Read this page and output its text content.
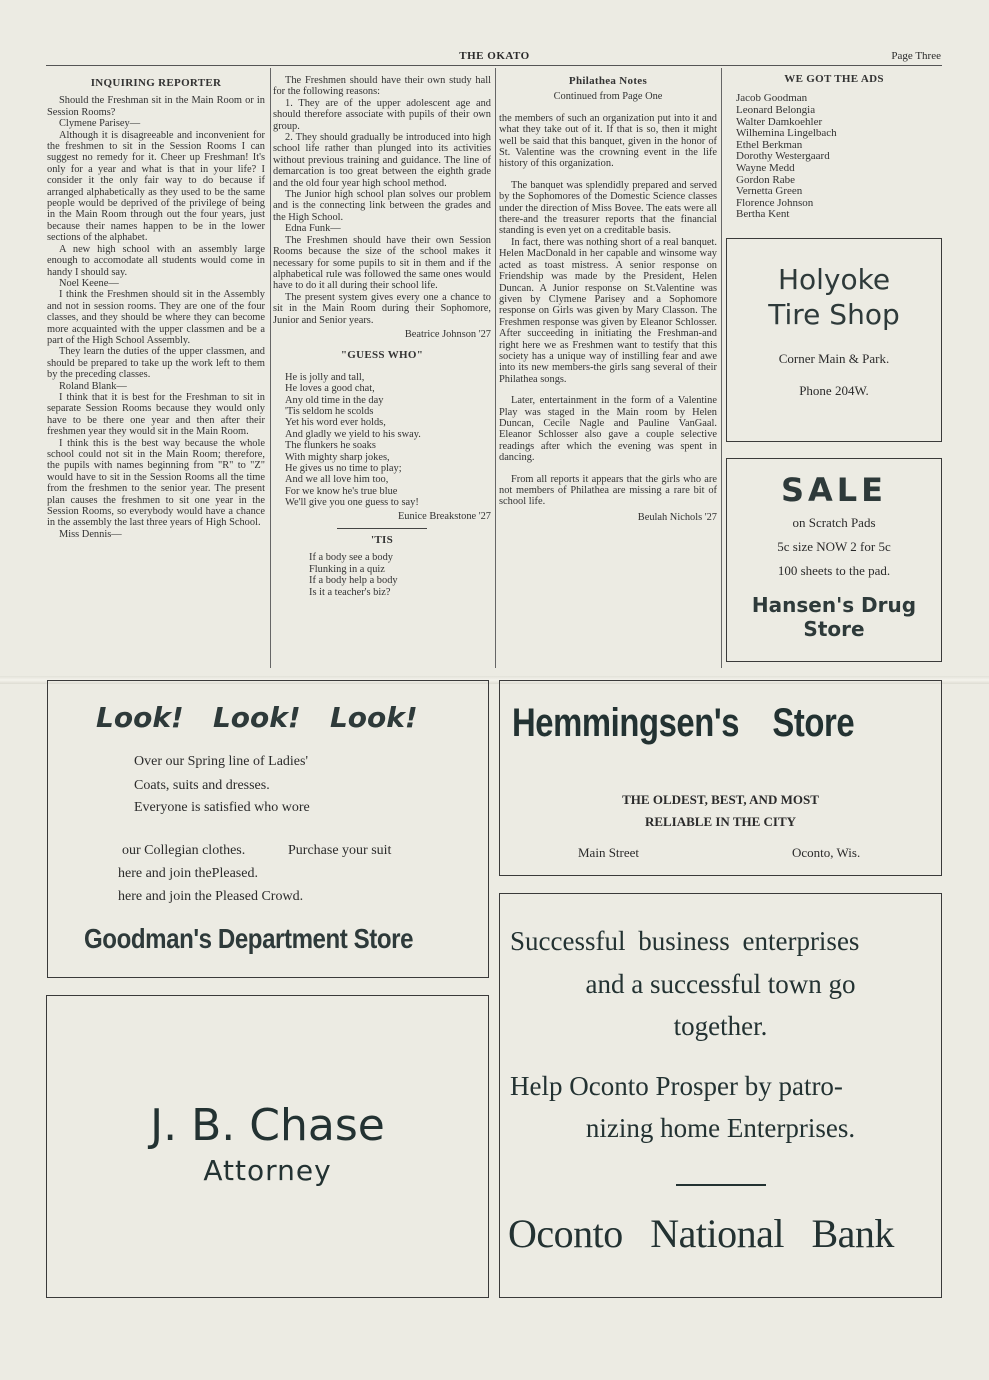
THE OKATO	Page Three
INQUIRING REPORTER

Should the Freshman sit in the Main Room or in Session Rooms?

Clymene Parisey—

Although it is disagreeable and inconvenient for the freshmen to sit in the Session Rooms I can suggest no remedy for it. Cheer up Freshman! It's only for a year and what is that in your life? I consider it the only fair way to do because if arranged alphabetically as they used to be the same people would be deprived of the privilege of being in the Main Room through out the four years, just because their names happen to be in the lower sections of the alphabet.

A new high school with an assembly large enough to accomodate all students would come in handy I should say.

Noel Keene—

I think the Freshmen should sit in the Assembly and not in session rooms. They are one of the four classes, and they should be where they can become more acquainted with the upper classmen and be a part of the High School Assembly.

They learn the duties of the upper classmen, and should be prepared to take up the work left to them by the preceding classes.

Roland Blank—

I think that it is best for the Freshman to sit in separate Session Rooms because they would only have to be there one year and then after their freshmen year they would sit in the Main Room.

I think this is the best way because the whole school could not sit in the Main Room; therefore, the pupils with names beginning from "R" to "Z" would have to sit in the Session Rooms all the time from the freshmen to the senior year. The present plan causes the freshmen to sit one year in the Session Rooms, so everybody would have a chance in the assembly the last three years of High School.

Miss Dennis—

The Freshmen should have their own study hall for the following reasons:

1. They are of the upper adolescent age and should therefore associate with pupils of their own group.

2. They should gradually be introduced into high school life rather than plunged into its activities without previous training and guidance. The line of demarcation is too great between the eighth grade and the old four year high school method.

The Junior high school plan solves our problem and is the connecting link between the grades and the High School.

Edna Funk—

The Freshmen should have their own Session Rooms because the size of the school makes it necessary for some pupils to sit in them and if the alphabetical rule was followed the same ones would have to do it all during their school life.

The present system gives every one a chance to sit in the Main Room during their Sophomore, Junior and Senior years.

Beatrice Johnson '27

"GUESS WHO"

He is jolly and tall,

He loves a good chat,

Any old time in the day

'Tis seldom he scolds

Yet his word ever holds,

And gladly we yield to his sway.

The flunkers he soaks

With mighty sharp jokes,

He gives us no time to play;

And we all love him too,

For we know he's true blue

We'll give you one guess to say!

Eunice Breakstone '27

'TIS

If a body see a body

Flunking in a quiz

If a body help a body

Is it a teacher's biz?

Philathea Notes

Continued from Page One

the members of such an organization put into it and what they take out of it. If that is so, then it might well be said that this banquet, given in the honor of St. Valentine was the crowning event in the life history of this organization.

The banquet was splendidly prepared and served by the Sophomores of the Domestic Science classes under the direction of Miss Bovee. The eats were all there-and the treasurer reports that the financial standing is even yet on a creditable basis.

In fact, there was nothing short of a real banquet. Helen MacDonald in her capable and winsome way acted as toast mistress. A senior response on Friendship was made by the President, Helen Duncan. A Junior response on St.Valentine was given by Clymene Parisey and a Sophomore response on Girls was given by Mary Classon. The Freshmen response was given by Eleanor Schlosser. After succeeding in initiating the Freshman-and right here we as Freshmen want to testify that this society has a unique way of instilling fear and awe into its new members-the girls sang several of their Philathea songs.

Later, entertainment in the form of a Valentine Play was staged in the Main room by Helen Duncan, Cecile Nagle and Pauline VanGaal. Eleanor Schlosser also gave a couple selective readings after which the evening was spent in dancing.

From all reports it appears that the girls who are not members of Philathea are missing a rare bit of school life.

Beulah Nichols '27

WE GOT THE ADS
Jacob Goodman
Leonard Belongia
Walter Damkoehler
Wilhemina Lingelbach
Ethel Berkman
Dorothy Westergaard
Wayne Medd
Gordon Rabe
Vernetta Green
Florence Johnson
Bertha Kent
Holyoke
Tire Shop
Corner Main & Park.
Phone 204W.
SALE
on Scratch Pads
5c size NOW 2 for 5c
100 sheets to the pad.
Hansen's Drug
Store
Look! Look! Look!
Over our Spring line of Ladies'
Coats, suits and dresses.
Everyone is satisfied who wore
our Collegian clothes.	Purchase your suit
here and join thePleased.
here and join the Pleased Crowd.
Goodman's Department Store
J. B. Chase
Attorney
Hemmingsen's Store
THE OLDEST, BEST, AND MOST
RELIABLE IN THE CITY
Main Street	Oconto, Wis.
Successful business enterprises
and a successful town go
together.
Help Oconto Prosper by patro-
nizing home Enterprises.
Oconto National Bank
